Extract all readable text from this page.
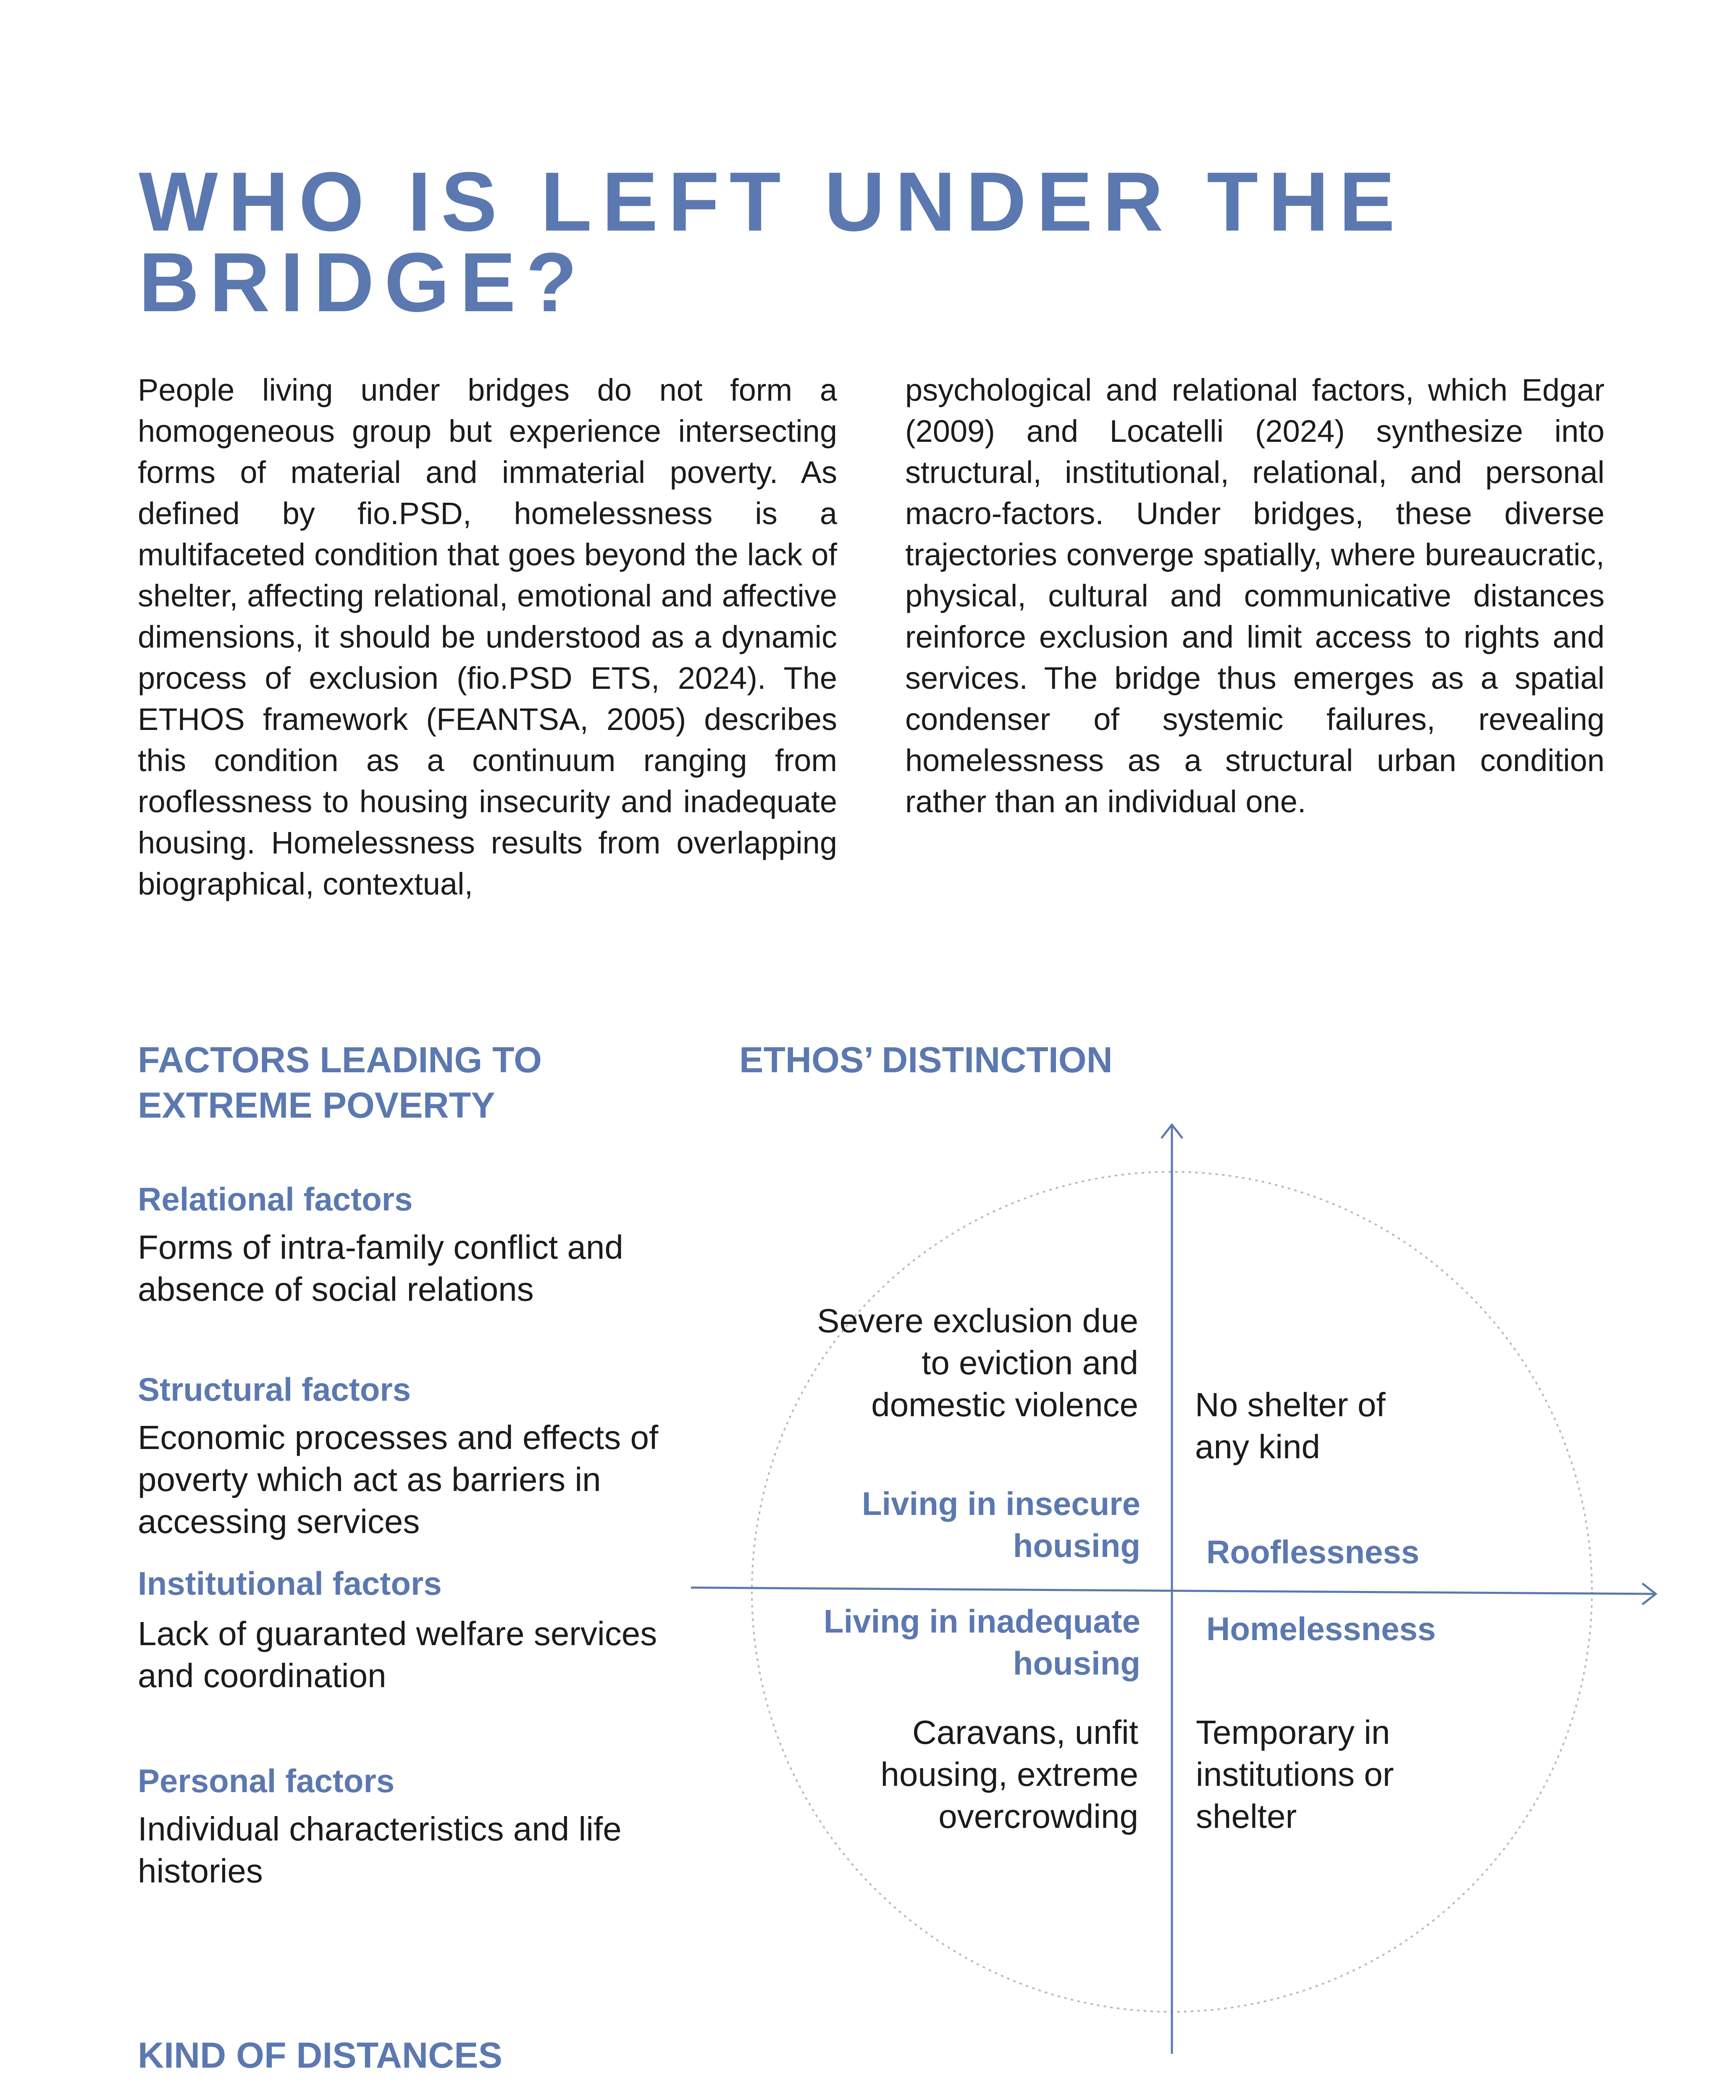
WHO IS LEFT UNDER THE BRIDGE?

People living under bridges do not form a homogeneous group but experience intersecting forms of material and immaterial poverty. As defined by fio.PSD, homelessness is a multifaceted condition that goes beyond the lack of shelter, affecting relational, emotional and affective dimensions, it should be understood as a dynamic process of exclusion (fio.PSD ETS, 2024). The ETHOS framework (FEANTSA, 2005) describes this condition as a continuum ranging from rooflessness to housing insecurity and inadequate housing. Homelessness results from overlapping biographical, contextual,

psychological and relational factors, which Edgar (2009) and Locatelli (2024) synthesize into structural, institutional, relational, and personal macro-factors. Under bridges, these diverse trajectories converge spatially, where bureaucratic, physical, cultural and communicative distances reinforce exclusion and limit access to rights and services. The bridge thus emerges as a spatial condenser of systemic failures, revealing homelessness as a structural urban condition rather than an individual one.

FACTORS LEADING TO EXTREME POVERTY

Relational factors

Forms of intra-family conflict and absence of social relations

Structural factors

Economic processes and effects of poverty which act as barriers in accessing services

Institutional factors

Lack of guaranted welfare services and coordination

Personal factors

Individual characteristics and life histories

ETHOS’ DISTINCTION

Severe exclusion due to eviction and domestic violence

Living in insecure housing

No shelter of any kind

Rooflessness

Living in inadequate housing

Caravans, unfit housing, extreme overcrowding

Homelessness

Temporary in institutions or shelter

KIND OF DISTANCES
